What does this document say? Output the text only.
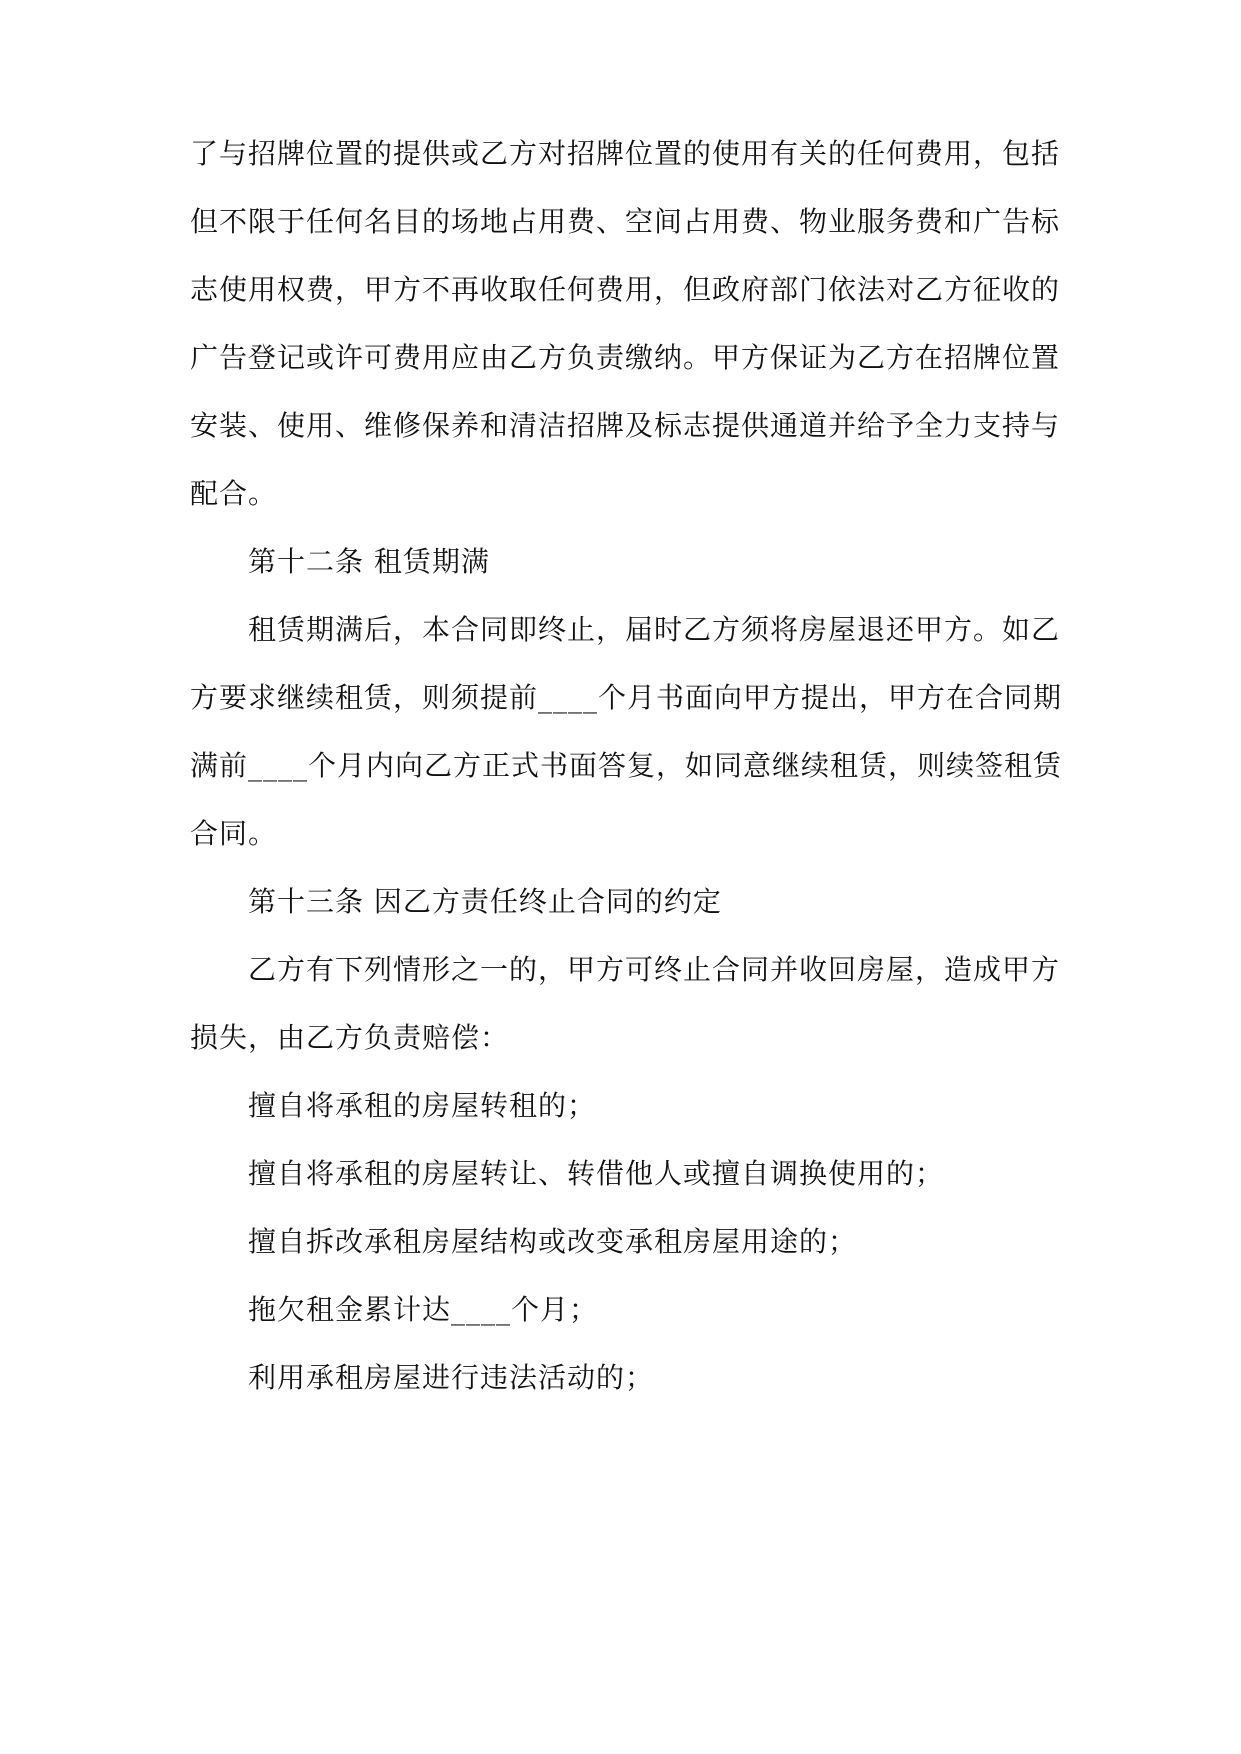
了与招牌位置的提供或乙方对招牌位置的使用有关的任何费用，包括
但不限于任何名目的场地占用费、空间占用费、物业服务费和广告标
志使用权费，甲方不再收取任何费用，但政府部门依法对乙方征收的
广告登记或许可费用应由乙方负责缴纳。甲方保证为乙方在招牌位置
安装、使用、维修保养和清洁招牌及标志提供通道并给予全力支持与
配合。
第十二条 租赁期满
租赁期满后，本合同即终止，届时乙方须将房屋退还甲方。如乙
方要求继续租赁，则须提前____个月书面向甲方提出，甲方在合同期
满前____个月内向乙方正式书面答复，如同意继续租赁，则续签租赁
合同。
第十三条 因乙方责任终止合同的约定
乙方有下列情形之一的，甲方可终止合同并收回房屋，造成甲方
损失，由乙方负责赔偿：
擅自将承租的房屋转租的；
擅自将承租的房屋转让、转借他人或擅自调换使用的；
擅自拆改承租房屋结构或改变承租房屋用途的；
拖欠租金累计达____个月；
利用承租房屋进行违法活动的；
